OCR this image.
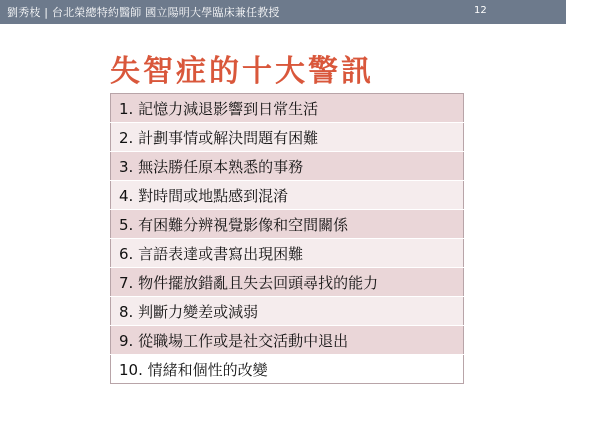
劉秀枝 | 台北榮總特約醫師 國立陽明大學臨床兼任教授	12
失智症的十大警訊
1. 記憶力減退影響到日常生活
2. 計劃事情或解決問題有困難
3. 無法勝任原本熟悉的事務
4. 對時間或地點感到混淆
5. 有困難分辨視覺影像和空間關係
6. 言語表達或書寫出現困難
7. 物件擺放錯亂且失去回頭尋找的能力
8. 判斷力變差或減弱
9. 從職場工作或是社交活動中退出
10. 情緒和個性的改變
